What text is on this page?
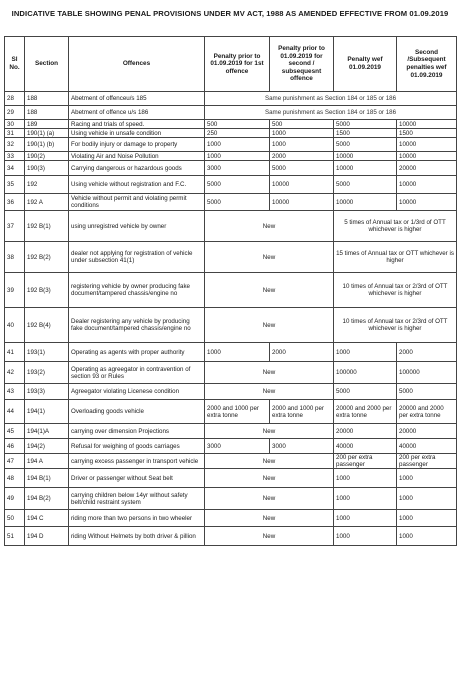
INDICATIVE TABLE SHOWING PENAL PROVISIONS UNDER MV ACT, 1988 AS AMENDED EFFECTIVE FROM 01.09.2019
Sl No.	Section	Offences	Penalty prior to 01.09.2019 for 1st offence	Penalty prior to 01.09.2019 for second / subsequesnt offence	Penalty wef 01.09.2019	Second /Subsequent penalties wef 01.09.2019
28	188	Abetment of offenceu/s 185	Same punishment as Section 184 or 185 or 186			
29	188	Abetment of offence u/s 186	Same punishment as Section 184 or 185 or 186			
30	189	Racing and trials of speed.	500	500	5000	10000
31	190(1) (a)	Using vehicle in unsafe condition	250	1000	1500	1500
32	190(1) (b)	For bodily injury or damage to property	1000	1000	5000	10000
33	190(2)	Violating Air and Noise Pollution	1000	2000	10000	10000
34	190(3)	Carrying dangerous or hazardous goods	3000	5000	10000	20000
35	192	Using vehicle without registration and F.C.	5000	10000	5000	10000
36	192 A	Vehicle without permit and violating permit conditions	5000	10000	10000	10000
37	192 B(1)	using unregistred vehicle by owner	New		5 times of Annual tax or 1/3rd of OTT whichever is higher	
38	192 B(2)	dealer not applying for registration of vehicle under subsection 41(1)	New		15 times of Annual tax or OTT whichever is higher	
39	192 B(3)	registering vehicle by owner producing fake document/tampered chassis/engine no	New		10 times of Annual tax or 2/3rd of OTT whichever is higher	
40	192 B(4)	Dealer registering any vehicle by producing fake document/tampered chassis/engine no	New		10 times of Annual tax or 2/3rd of OTT whichever is higher	
41	193(1)	Operating as agents with proper authority	1000	2000	1000	2000
42	193(2)	Operating as agreegator in contravention of section 93 or Rules	New		100000	100000
43	193(3)	Agreegator violating Licenese condition	New		5000	5000
44	194(1)	Overloading goods vehicle	2000 and 1000 per extra tonne	2000 and 1000 per extra tonne	20000 and 2000 per extra tonne	20000 and 2000 per extra tonne
45	194(1)A	carrying over dimension Projections	New		20000	20000
46	194(2)	Refusal for weighing of goods carriages	3000	3000	40000	40000
47	194 A	carrying excess passenger in transport vehicle	New		200 per extra passenger	200 per extra passenger
48	194 B(1)	Driver or passenger without Seat belt	New		1000	1000
49	194 B(2)	carrying children below 14yr without safety belt/child restraint system	New		1000	1000
50	194 C	riding more than two persons in two wheeler	New		1000	1000
51	194 D	riding Without Helmets by both driver & pillion	New		1000	1000
